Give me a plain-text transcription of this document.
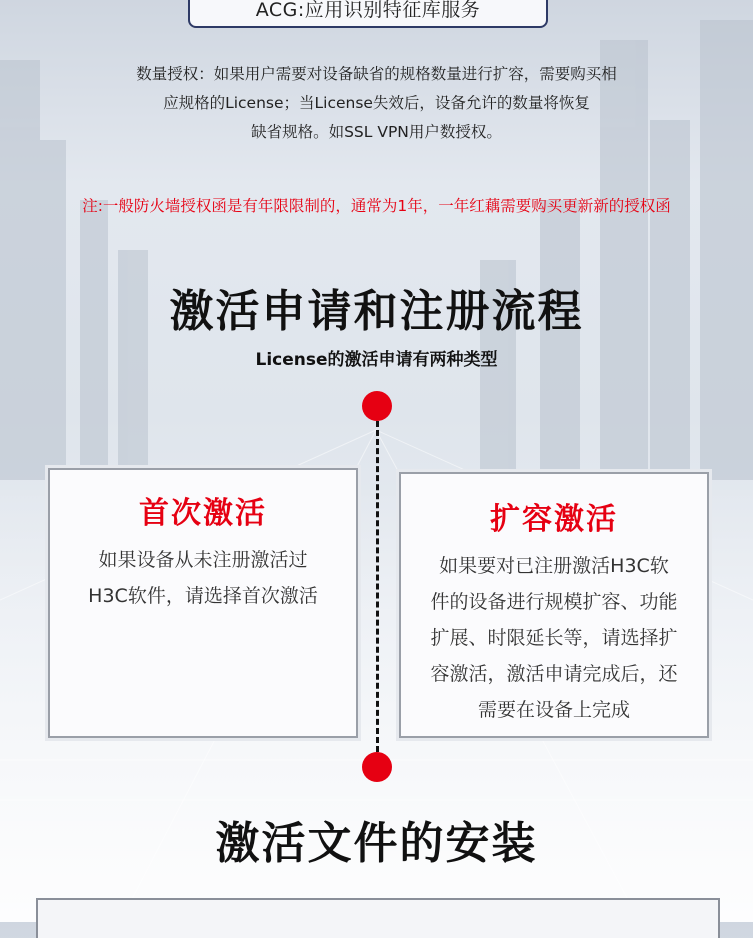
ACG:应用识别特征库服务
数量授权：如果用户需要对设备缺省的规格数量进行扩容，需要购买相
应规格的License；当License失效后，设备允许的数量将恢复
缺省规格。如SSL VPN用户数授权。
注:一般防火墙授权函是有年限限制的，通常为1年，一年红藕需要购买更新新的授权函
激活申请和注册流程
License的激活申请有两种类型
首次激活
如果设备从未注册激活过
H3C软件，请选择首次激活
扩容激活
如果要对已注册激活H3C软
件的设备进行规模扩容、功能
扩展、时限延长等，请选择扩
容激活，激活申请完成后，还
需要在设备上完成
激活文件的安装
